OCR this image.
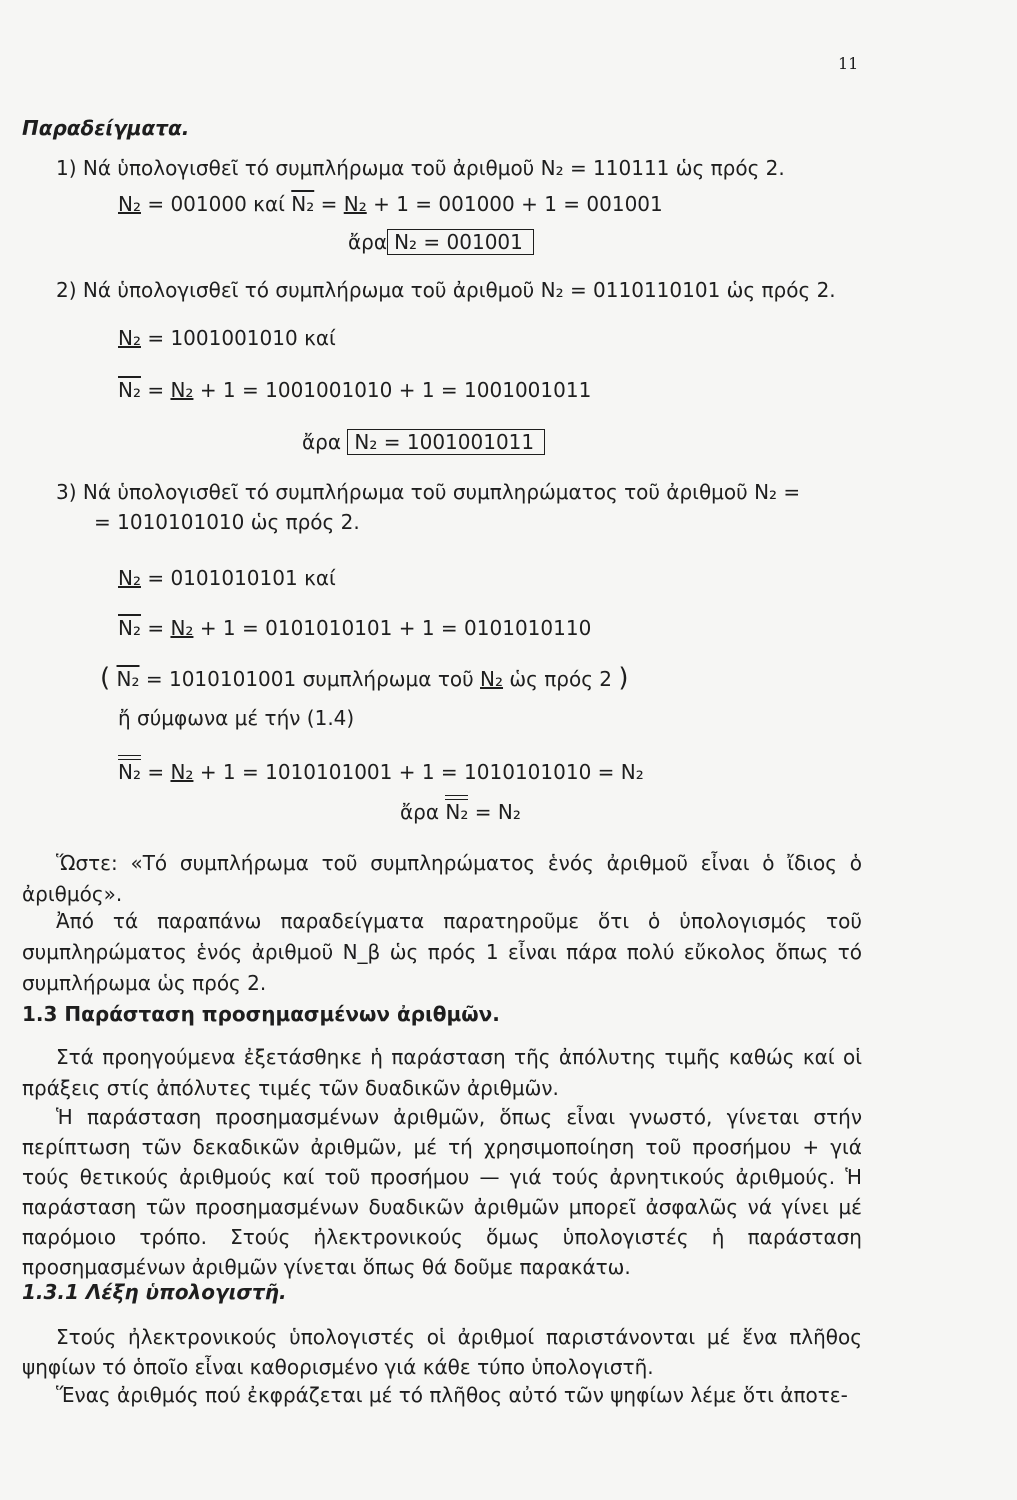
11
Παραδείγματα.
1) Νά ὑπολογισθεῖ τό συμπλήρωμα τοῦ ἀριθμοῦ N₂ = 110111 ὡς πρός 2.
N₂ = 001000 καί N₂ = N₂ + 1 = 001000 + 1 = 001001
ἄρα N₂ = 001001
2) Νά ὑπολογισθεῖ τό συμπλήρωμα τοῦ ἀριθμοῦ N₂ = 0110110101 ὡς πρός 2.
N₂ = 1001001010 καί
N₂ = N₂ + 1 = 1001001010 + 1 = 1001001011
ἄρα N₂ = 1001001011
3) Νά ὑπολογισθεῖ τό συμπλήρωμα τοῦ συμπληρώματος τοῦ ἀριθμοῦ N₂ =
= 1010101010 ὡς πρός 2.
N₂ = 0101010101 καί
N₂ = N₂ + 1 = 0101010101 + 1 = 0101010110
( N₂ = 1010101001 συμπλήρωμα τοῦ N₂ ὡς πρός 2 )
ἤ σύμφωνα μέ τήν (1.4)
N₂ = N₂ + 1 = 1010101001 + 1 = 1010101010 = N₂
ἄρα N₂ = N₂
Ὥστε: «Τό συμπλήρωμα τοῦ συμπληρώματος ἑνός ἀριθμοῦ εἶναι ὁ ἴδιος ὁ ἀριθμός».
Ἀπό τά παραπάνω παραδείγματα παρατηροῦμε ὅτι ὁ ὑπολογισμός τοῦ συμπληρώματος ἑνός ἀριθμοῦ N_β ὡς πρός 1 εἶναι πάρα πολύ εὔκολος ὅπως τό συμπλήρωμα ὡς πρός 2.
1.3 Παράσταση προσημασμένων ἀριθμῶν.
Στά προηγούμενα ἐξετάσθηκε ἡ παράσταση τῆς ἀπόλυτης τιμῆς καθώς καί οἱ πράξεις στίς ἀπόλυτες τιμές τῶν δυαδικῶν ἀριθμῶν.
Ἡ παράσταση προσημασμένων ἀριθμῶν, ὅπως εἶναι γνωστό, γίνεται στήν περίπτωση τῶν δεκαδικῶν ἀριθμῶν, μέ τή χρησιμοποίηση τοῦ προσήμου + γιά τούς θετικούς ἀριθμούς καί τοῦ προσήμου — γιά τούς ἀρνητικούς ἀριθμούς. Ἡ παράσταση τῶν προσημασμένων δυαδικῶν ἀριθμῶν μπορεῖ ἀσφαλῶς νά γίνει μέ παρόμοιο τρόπο. Στούς ἠλεκτρονικούς ὅμως ὑπολογιστές ἡ παράσταση προσημασμένων ἀριθμῶν γίνεται ὅπως θά δοῦμε παρακάτω.
1.3.1 Λέξη ὑπολογιστῆ.
Στούς ἠλεκτρονικούς ὑπολογιστές οἱ ἀριθμοί παριστάνονται μέ ἕνα πλῆθος ψηφίων τό ὁποῖο εἶναι καθορισμένο γιά κάθε τύπο ὑπολογιστῆ.
Ἕνας ἀριθμός πού ἐκφράζεται μέ τό πλῆθος αὐτό τῶν ψηφίων λέμε ὅτι ἀποτε-
